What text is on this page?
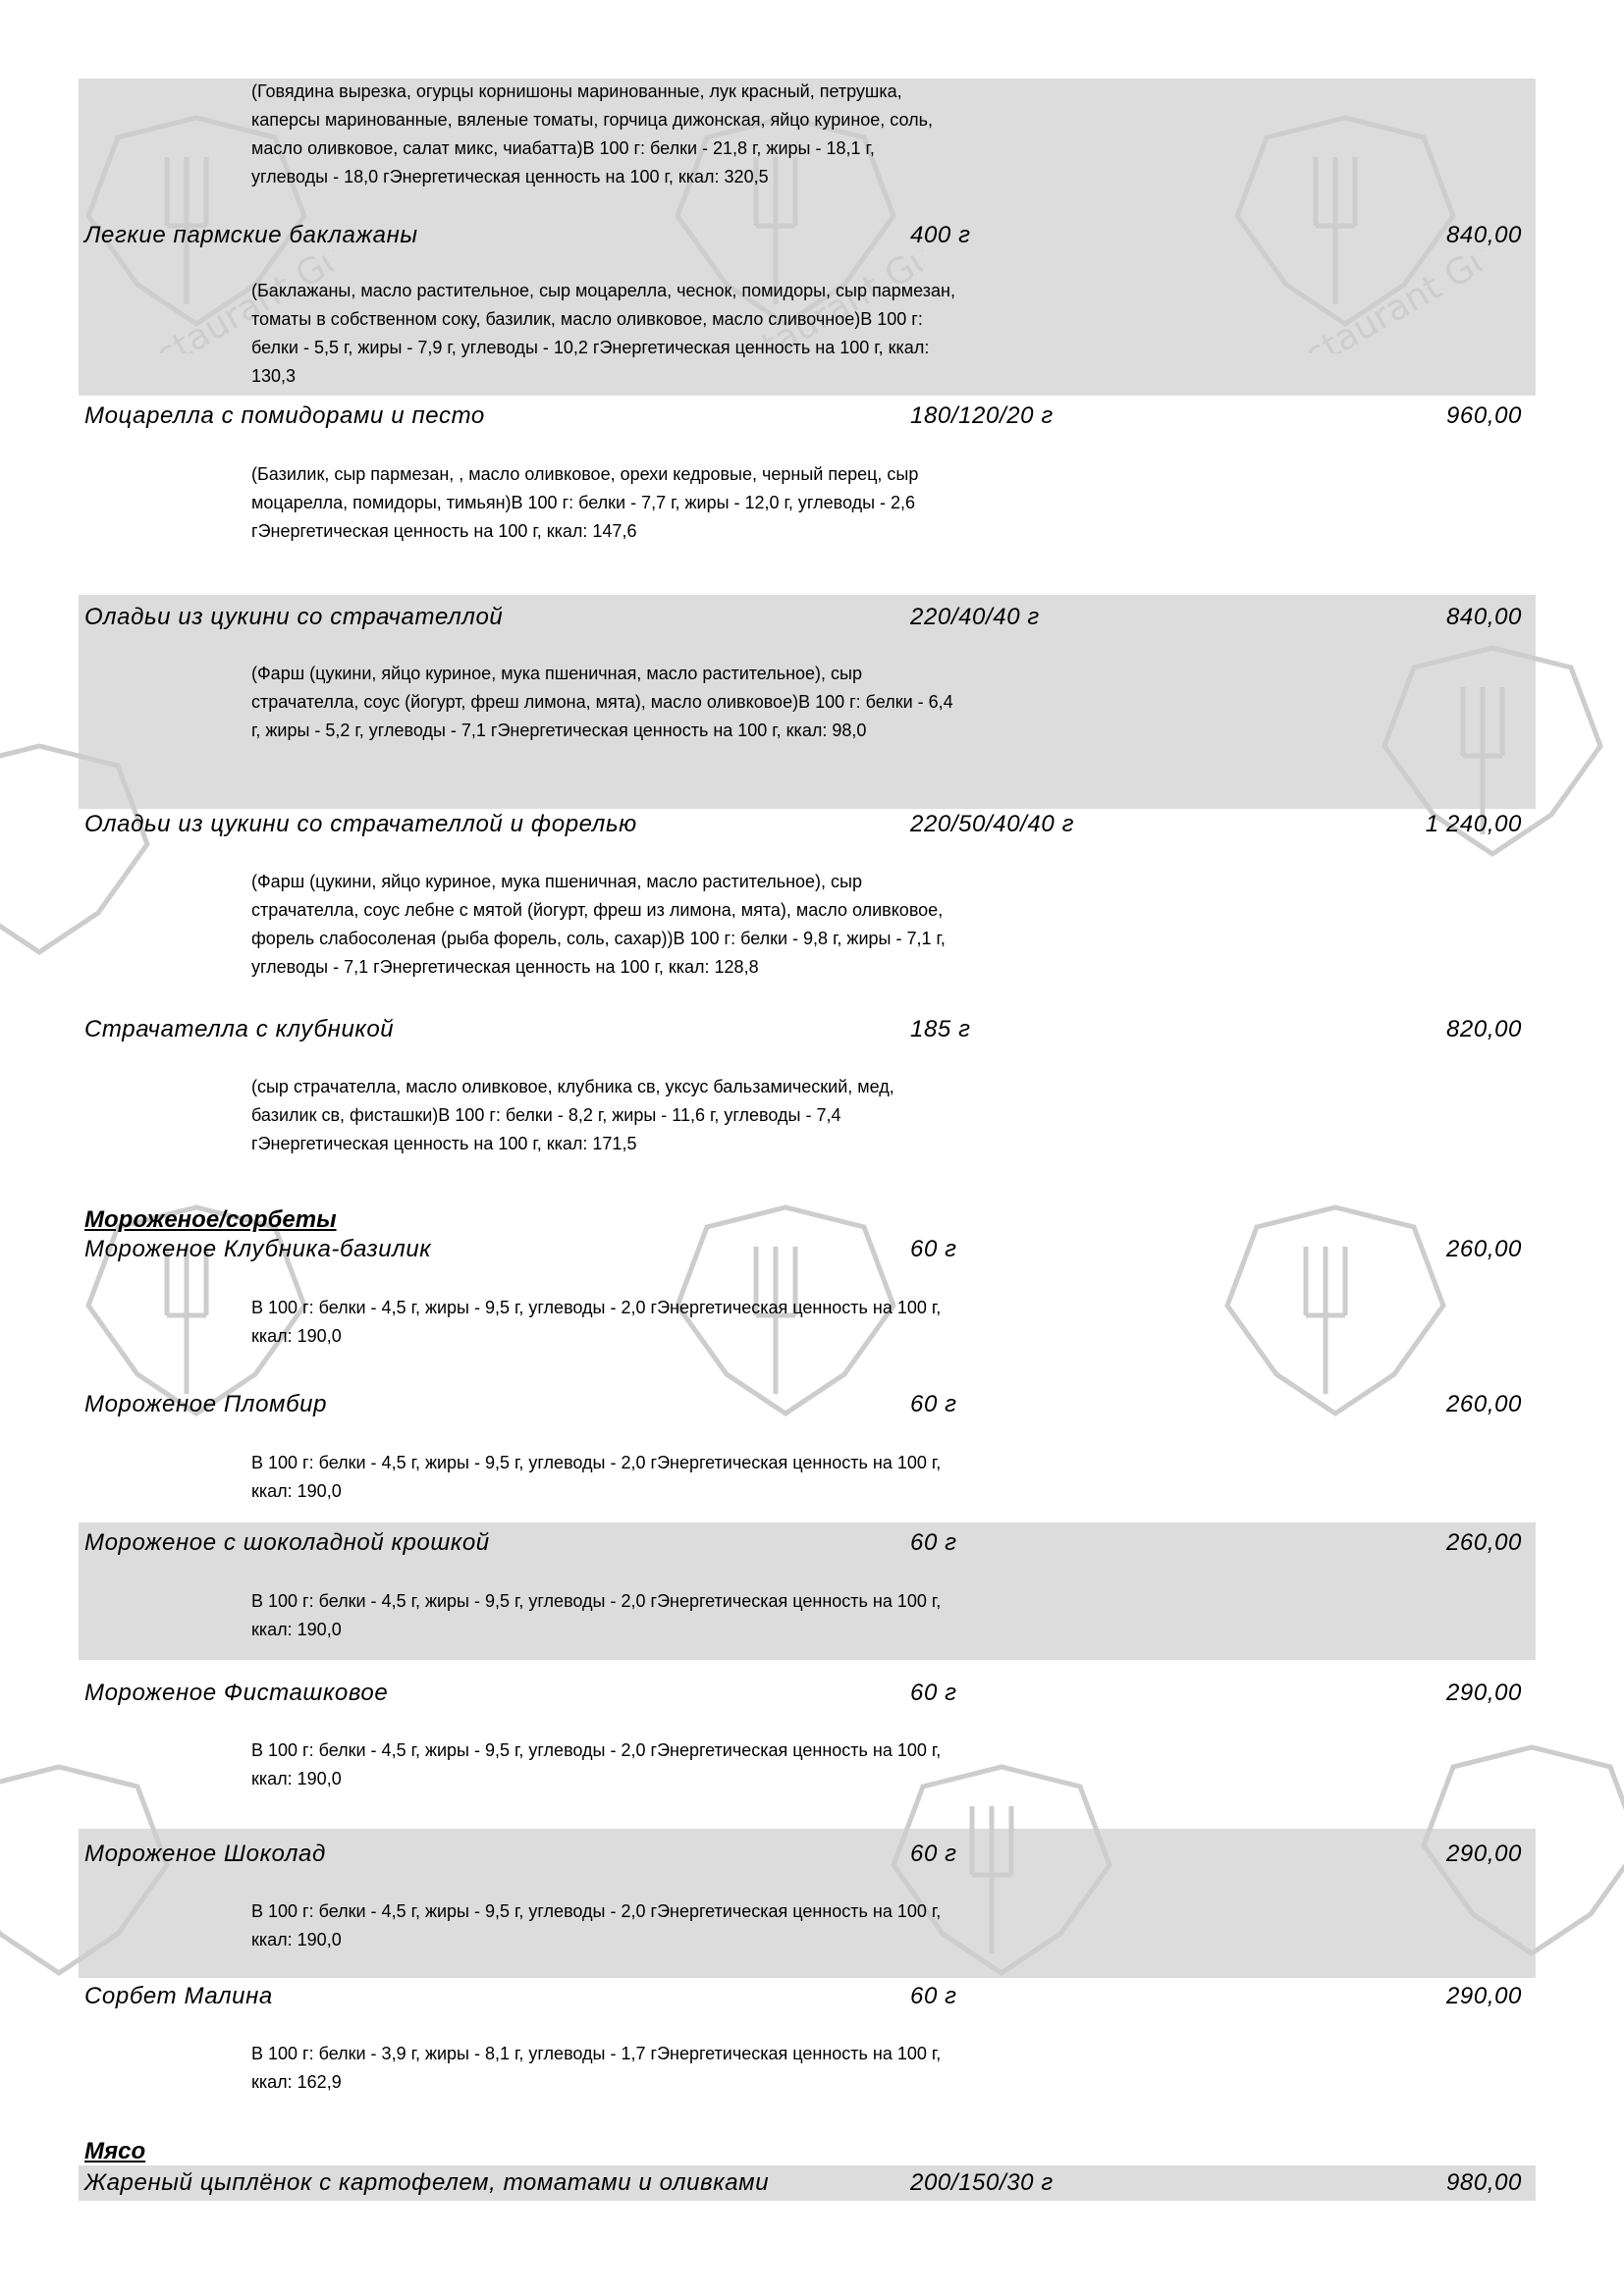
(Говядина вырезка, огурцы корнишоны маринованные, лук красный, петрушка,
каперсы маринованные, вяленые томаты, горчица дижонская, яйцо куриное, соль,
масло оливковое, салат микс, чиабатта)В 100 г: белки - 21,8 г, жиры - 18,1 г,
углеводы - 18,0 гЭнергетическая ценность на 100 г, ккал: 320,5
Легкие пармские баклажаны	400 г	840,00
(Баклажаны, масло растительное, сыр моцарелла, чеснок, помидоры, сыр пармезан,
томаты в собственном соку, базилик, масло оливковое, масло сливочное)В 100 г:
белки - 5,5 г, жиры - 7,9 г, углеводы - 10,2 гЭнергетическая ценность на 100 г, ккал:
130,3
Моцарелла с помидорами и песто	180/120/20 г	960,00
(Базилик, сыр пармезан, , масло оливковое, орехи кедровые, черный перец, сыр
моцарелла, помидоры, тимьян)В 100 г: белки - 7,7 г, жиры - 12,0 г, углеводы - 2,6
гЭнергетическая ценность на 100 г, ккал: 147,6
Оладьи из цукини со страчателлой	220/40/40 г	840,00
(Фарш (цукини, яйцо куриное, мука пшеничная, масло растительное), сыр
страчателла, соус (йогурт, фреш лимона, мята), масло оливковое)В 100 г: белки - 6,4
г, жиры - 5,2 г, углеводы - 7,1 гЭнергетическая ценность на 100 г, ккал: 98,0
Оладьи из цукини со страчателлой и форелью	220/50/40/40 г	1 240,00
(Фарш (цукини, яйцо куриное, мука пшеничная, масло растительное), сыр
страчателла, соус лебне с мятой (йогурт, фреш из лимона, мята), масло оливковое,
форель слабосоленая (рыба форель, соль, сахар))В 100 г: белки - 9,8 г, жиры - 7,1 г,
углеводы - 7,1 гЭнергетическая ценность на 100 г, ккал: 128,8
Страчателла с клубникой	185 г	820,00
(сыр страчателла, масло оливковое, клубника св, уксус бальзамический, мед,
базилик св, фисташки)В 100 г: белки - 8,2 г, жиры - 11,6 г, углеводы - 7,4
гЭнергетическая ценность на 100 г, ккал: 171,5
Мороженое/сорбеты
Мороженое Клубника-базилик	60 г	260,00
В 100 г: белки - 4,5 г, жиры - 9,5 г, углеводы - 2,0 гЭнергетическая ценность на 100 г,
ккал: 190,0
Мороженое Пломбир	60 г	260,00
В 100 г: белки - 4,5 г, жиры - 9,5 г, углеводы - 2,0 гЭнергетическая ценность на 100 г,
ккал: 190,0
Мороженое с шоколадной крошкой	60 г	260,00
В 100 г: белки - 4,5 г, жиры - 9,5 г, углеводы - 2,0 гЭнергетическая ценность на 100 г,
ккал: 190,0
Мороженое Фисташковое	60 г	290,00
В 100 г: белки - 4,5 г, жиры - 9,5 г, углеводы - 2,0 гЭнергетическая ценность на 100 г,
ккал: 190,0
Мороженое Шоколад	60 г	290,00
В 100 г: белки - 4,5 г, жиры - 9,5 г, углеводы - 2,0 гЭнергетическая ценность на 100 г,
ккал: 190,0
Сорбет Малина	60 г	290,00
В 100 г: белки - 3,9 г, жиры - 8,1 г, углеводы - 1,7 гЭнергетическая ценность на 100 г,
ккал: 162,9
Мясо
Жареный цыплёнок с картофелем, томатами и оливками	200/150/30 г	980,00
